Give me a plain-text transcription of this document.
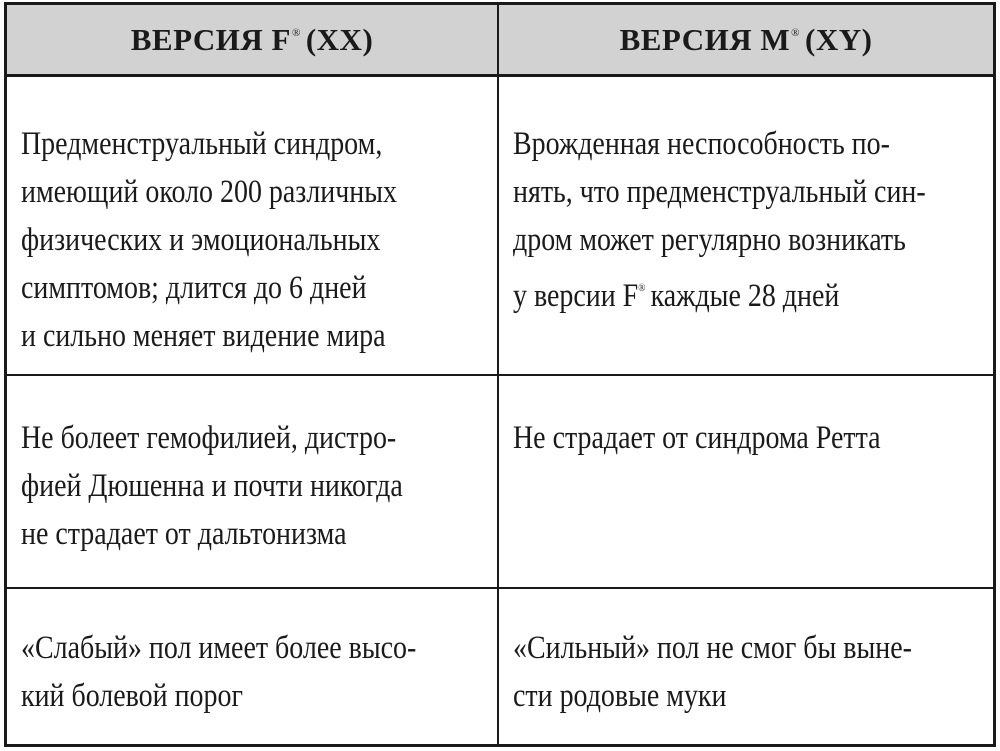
ВЕРСИЯ F® (XX)	ВЕРСИЯ M® (XY)
Предменструальный синдром,
имеющий около 200 различных
физических и эмоциональных
симптомов; длится до 6 дней
и сильно меняет видение мира
Врожденная неспособность по-
нять, что предменструальный син-
дром может регулярно возникать
у версии F® каждые 28 дней
Не болеет гемофилией, дистро-
фией Дюшенна и почти никогда
не страдает от дальтонизма
Не страдает от синдрома Ретта
«Слабый» пол имеет более высо-
кий болевой порог
«Сильный» пол не смог бы выне-
сти родовые муки
